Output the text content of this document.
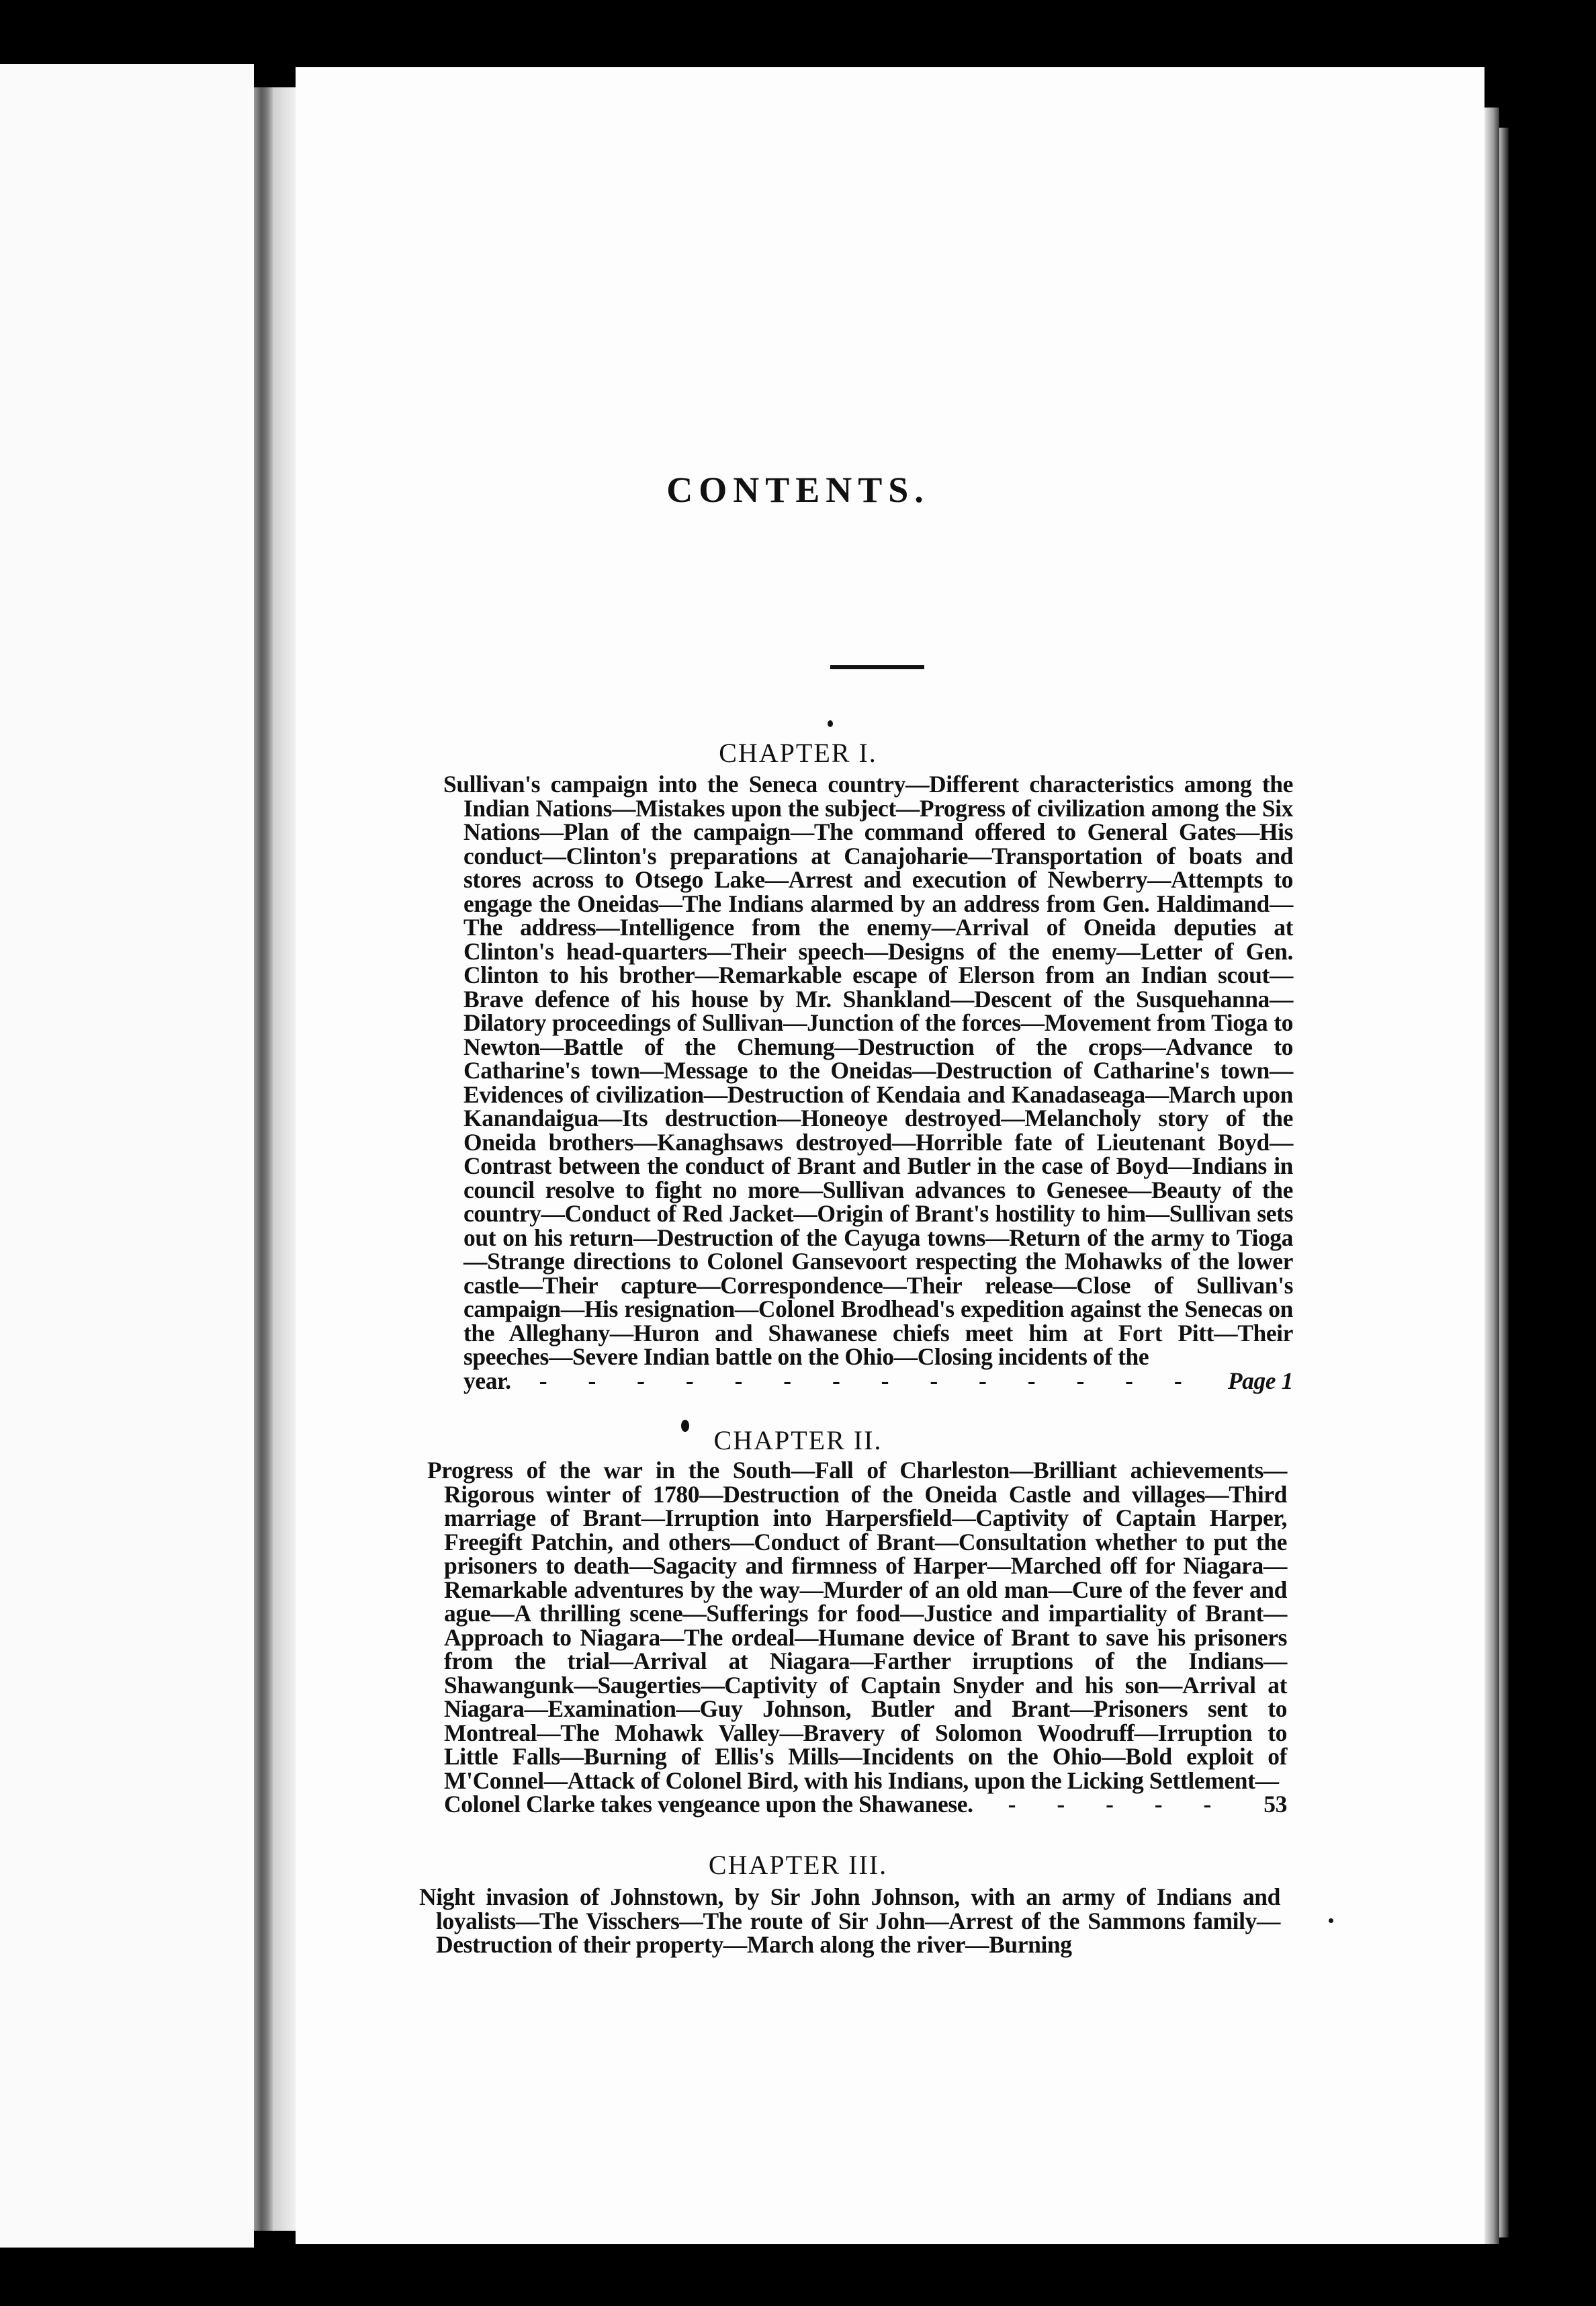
CONTENTS.
CHAPTER I.
Sullivan's campaign into the Seneca country—Different characteristics among the Indian Nations—Mistakes upon the subject—Progress of civilization among the Six Nations—Plan of the campaign—The command offered to General Gates—His conduct—Clinton's preparations at Canajoharie—Transportation of boats and stores across to Otsego Lake—Arrest and execution of Newberry—Attempts to engage the Oneidas—The Indians alarmed by an address from Gen. Haldimand—The address—Intelligence from the enemy—Arrival of Oneida deputies at Clinton's head-quarters—Their speech—Designs of the enemy—Letter of Gen. Clinton to his brother—Remarkable escape of Elerson from an Indian scout—Brave defence of his house by Mr. Shankland—Descent of the Susquehanna—Dilatory proceedings of Sullivan—Junction of the forces—Movement from Tioga to Newton—Battle of the Chemung—Destruction of the crops—Advance to Catharine's town—Message to the Oneidas—Destruction of Catharine's town—Evidences of civilization—Destruction of Kendaia and Kanadaseaga—March upon Kanandaigua—Its destruction—Honeoye destroyed—Melancholy story of the Oneida brothers—Kanaghsaws destroyed—Horrible fate of Lieutenant Boyd—Contrast between the conduct of Brant and Butler in the case of Boyd—Indians in council resolve to fight no more—Sullivan advances to Genesee—Beauty of the country—Conduct of Red Jacket—Origin of Brant's hostility to him—Sullivan sets out on his return—Destruction of the Cayuga towns—Return of the army to Tioga—Strange directions to Colonel Gansevoort respecting the Mohawks of the lower castle—Their capture—Correspondence—Their release—Close of Sullivan's campaign—His resignation—Colonel Brodhead's expedition against the Senecas on the Alleghany—Huron and Shawanese chiefs meet him at Fort Pitt—Their speeches—Severe Indian battle on the Ohio—Closing incidents of the
year. - - - - - - - - - - - - - - Page 1
CHAPTER II.
Progress of the war in the South—Fall of Charleston—Brilliant achievements—Rigorous winter of 1780—Destruction of the Oneida Castle and villages—Third marriage of Brant—Irruption into Harpersfield—Captivity of Captain Harper, Freegift Patchin, and others—Conduct of Brant—Consultation whether to put the prisoners to death—Sagacity and firmness of Harper—Marched off for Niagara—Remarkable adventures by the way—Murder of an old man—Cure of the fever and ague—A thrilling scene—Sufferings for food—Justice and impartiality of Brant—Approach to Niagara—The ordeal—Humane device of Brant to save his prisoners from the trial—Arrival at Niagara—Farther irruptions of the Indians—Shawangunk—Saugerties—Captivity of Captain Snyder and his son—Arrival at Niagara—Examination—Guy Johnson, Butler and Brant—Prisoners sent to Montreal—The Mohawk Valley—Bravery of Solomon Woodruff—Irruption to Little Falls—Burning of Ellis's Mills—Incidents on the Ohio—Bold exploit of M'Connel—Attack of Colonel Bird, with his Indians, upon the Licking Settlement—
Colonel Clarke takes vengeance upon the Shawanese. - - - - - 53
CHAPTER III.
Night invasion of Johnstown, by Sir John Johnson, with an army of Indians and loyalists—The Visschers—The route of Sir John—Arrest of the Sammons family—Destruction of their property—March along the river—Burning
